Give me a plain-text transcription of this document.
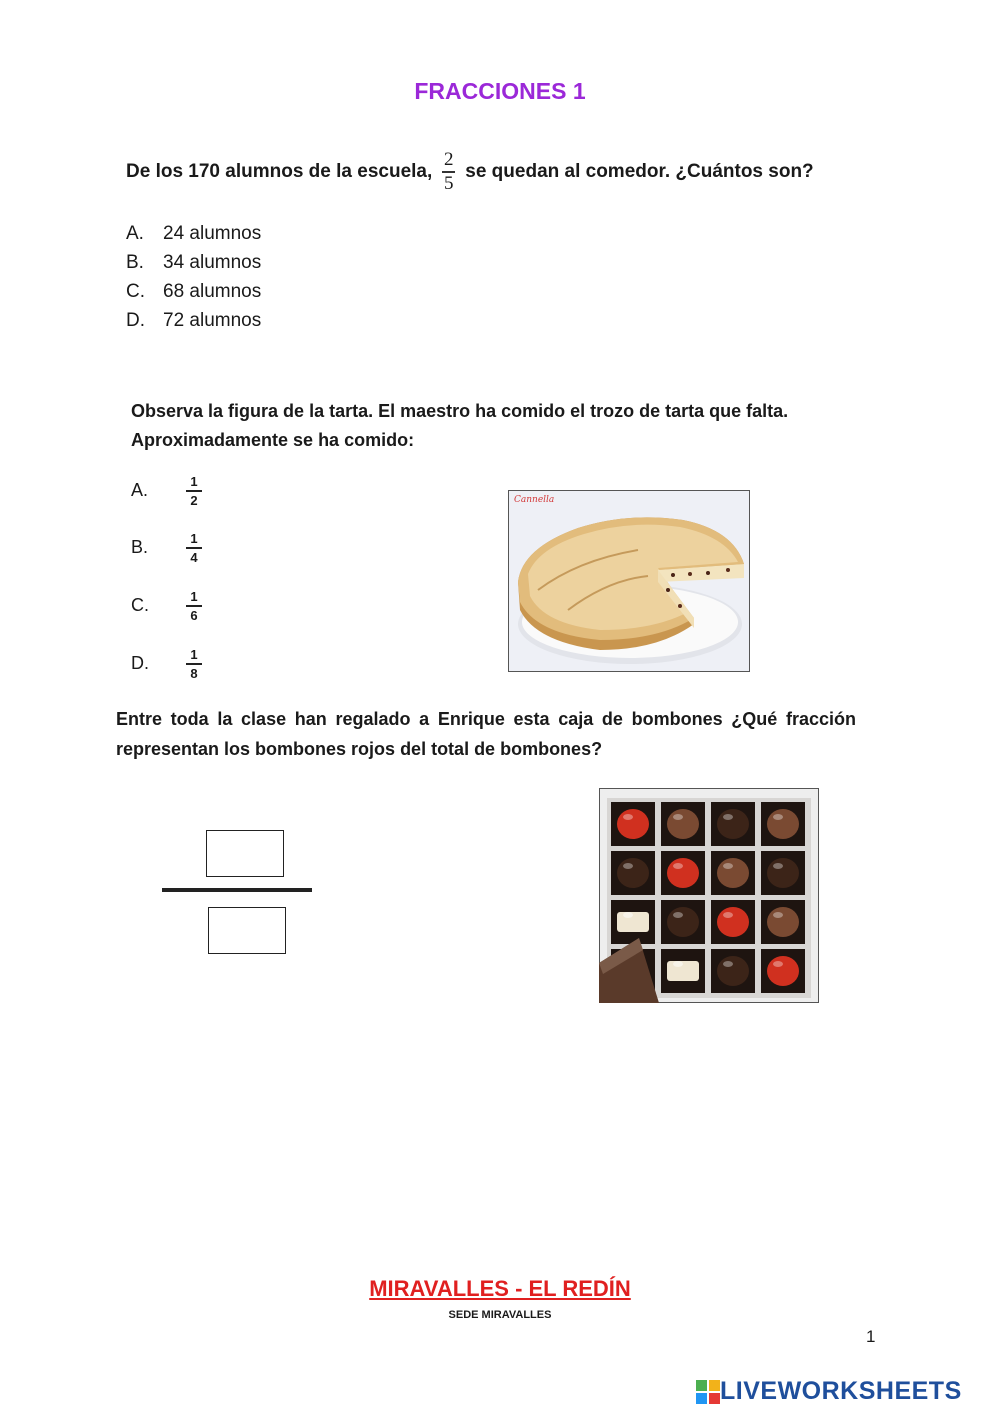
FRACCIONES 1
De los 170 alumnos de la escuela, $\frac{2}{5}$ se quedan al comedor. ¿Cuántos son?
A.	24 alumnos
B.	34 alumnos
C. 68 alumnos
D. 72 alumnos
Observa la figura de la tarta. El maestro ha comido el trozo de tarta que falta.
Aproximadamente se ha comido:
A.	$\frac{1}{2}$
B.	$\frac{1}{4}$
C.	$\frac{1}{6}$
D.	$\frac{1}{8}$
Cannella
Entre toda la clase han regalado a Enrique esta caja de bombones ¿Qué fracción representan los bombones rojos del total de bombones?
MIRAVALLES - EL REDÍN
SEDE MIRAVALLES
1
LIVEWORKSHEETS
